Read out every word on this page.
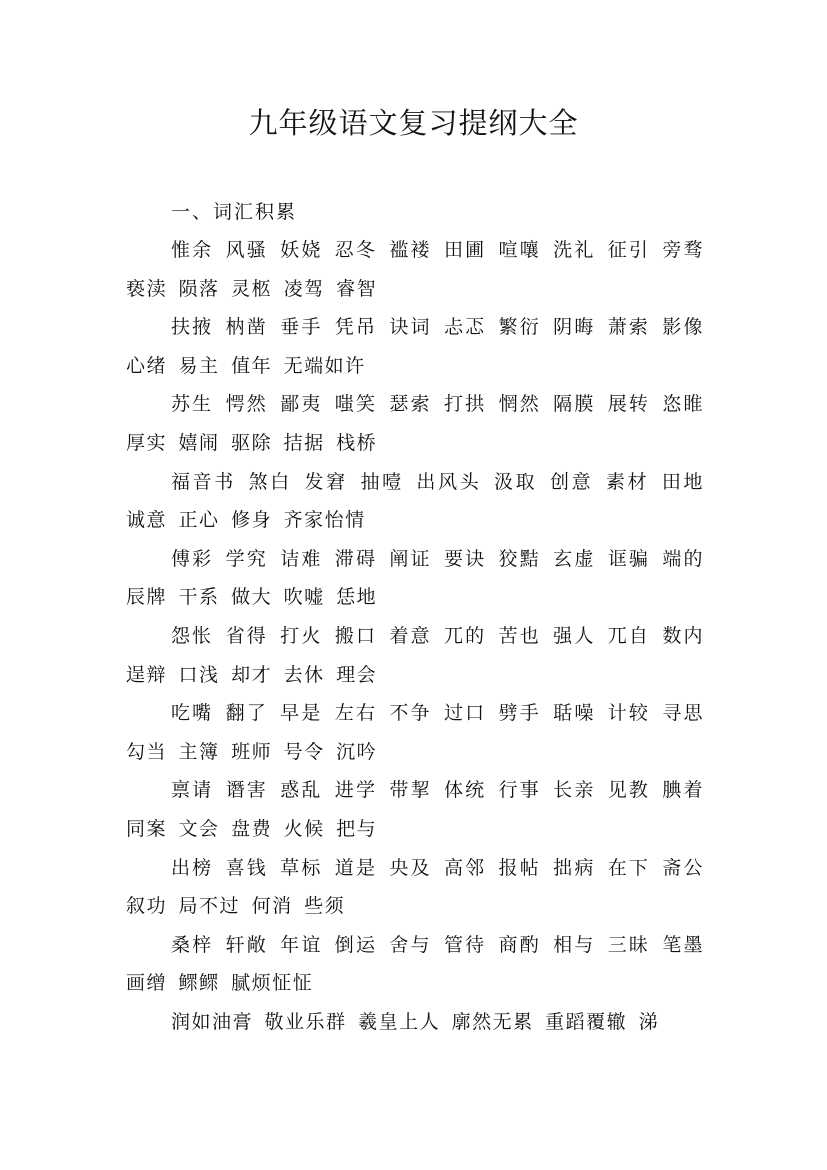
九年级语文复习提纲大全
一、词汇积累

惟余 风骚 妖娆 忍冬 褴褛 田圃 喧嚷 洗礼 征引 旁骛 亵渎 陨落 灵柩 凌驾 睿智

扶掖 枘凿 垂手 凭吊 诀词 忐忑 繁衍 阴晦 萧索 影像 心绪 易主 值年 无端如许

苏生 愕然 鄙夷 嗤笑 瑟索 打拱 惘然 隔膜 展转 恣睢 厚实 嬉闹 驱除 拮据 栈桥

福音书 煞白 发窘 抽噎 出风头 汲取 创意 素材 田地 诚意 正心 修身 齐家怡情

傅彩 学究 诘难 滞碍 阐证 要诀 狡黠 玄虚 诓骗 端的 辰牌 干系 做大 吹嘘 恁地

怨怅 省得 打火 搬口 着意 兀的 苦也 强人 兀自 数内 逞辩 口浅 却才 去休 理会

吃嘴 翻了 早是 左右 不争 过口 劈手 聒噪 计较 寻思 勾当 主簿 班师 号令 沉吟

禀请 谮害 惑乱 进学 带挈 体统 行事 长亲 见教 腆着 同案 文会 盘费 火候 把与

出榜 喜钱 草标 道是 央及 高邻 报帖 拙病 在下 斋公 叙功 局不过 何消 些须

桑梓 轩敞 年谊 倒运 舍与 管待 商酌 相与 三昧 笔墨 画缯 鳏鳏 腻烦怔怔

润如油膏 敬业乐群 羲皇上人 廓然无累 重蹈覆辙 涕
